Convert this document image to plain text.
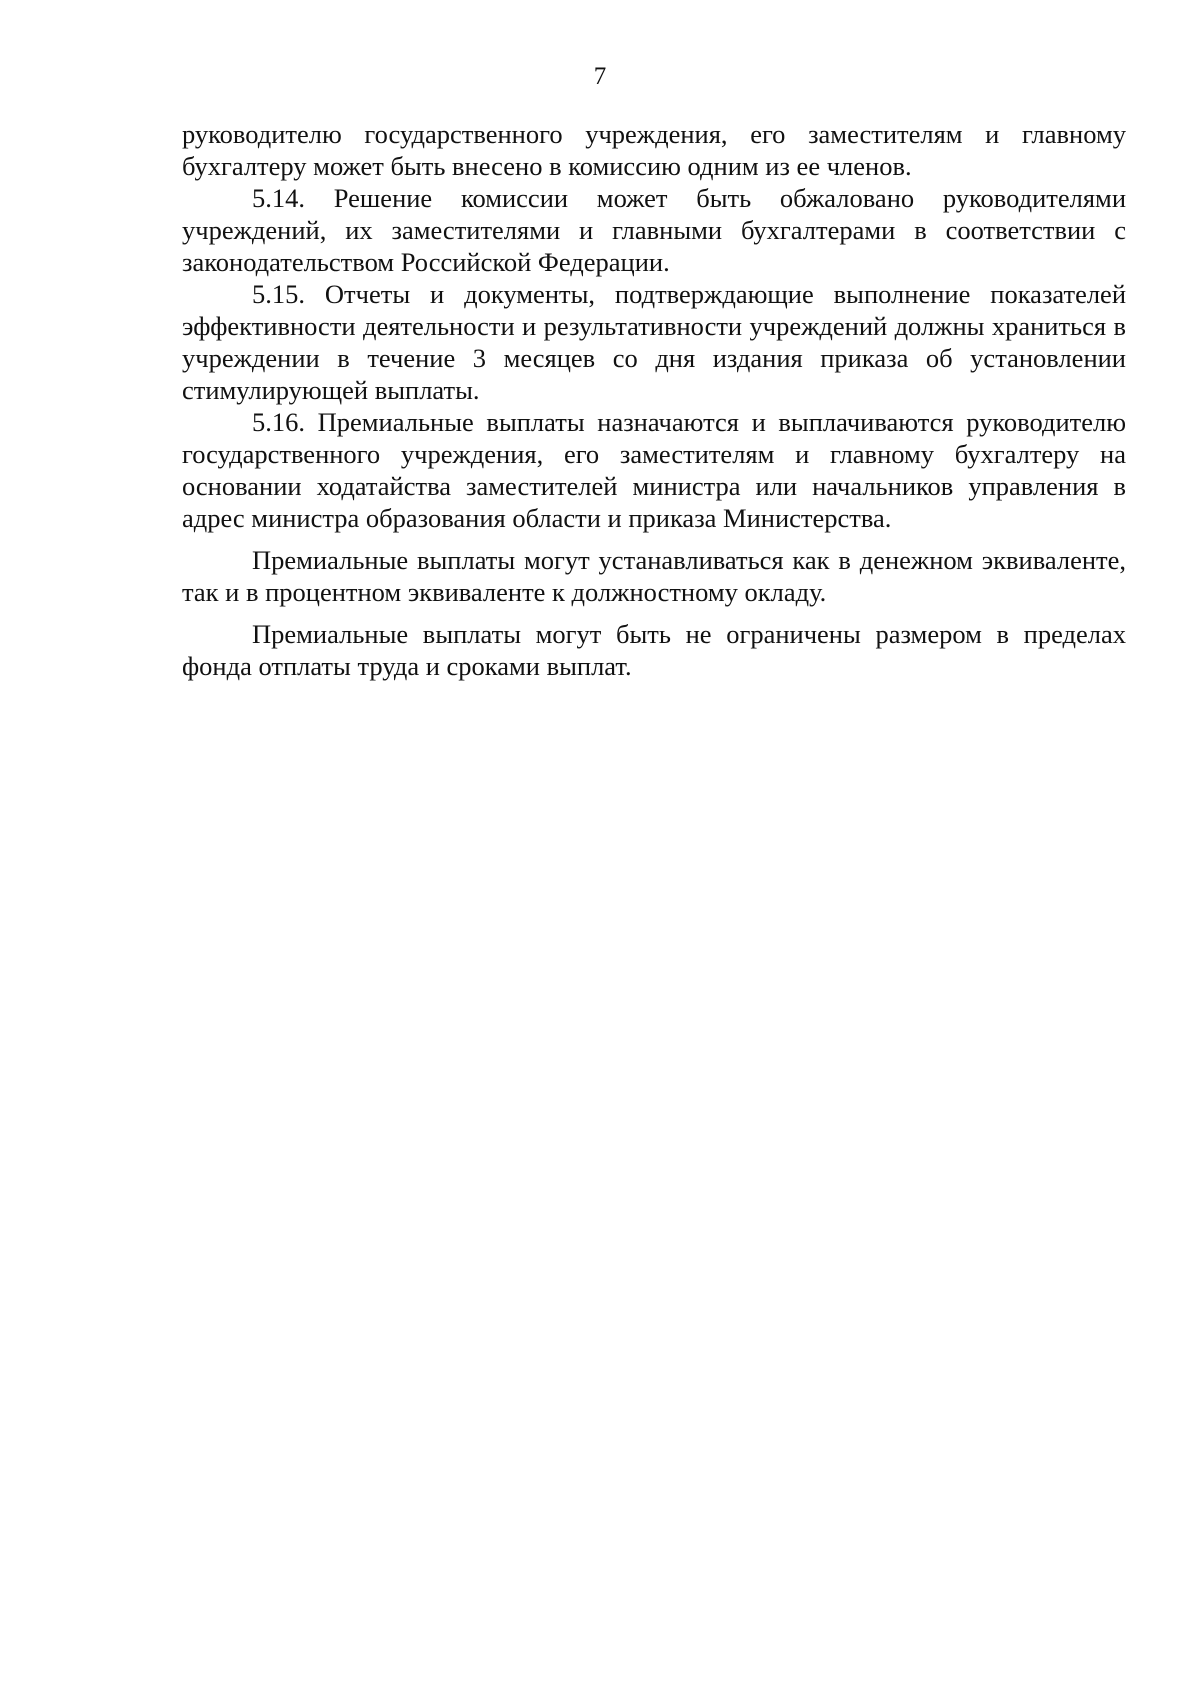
7

руководителю государственного учреждения, его заместителям и главному бухгалтеру может быть внесено в комиссию одним из ее членов.

5.14. Решение комиссии может быть обжаловано руководителями учреждений, их заместителями и главными бухгалтерами в соответствии с законодательством Российской Федерации.

5.15. Отчеты и документы, подтверждающие выполнение показателей эффективности деятельности и результативности учреждений должны храниться в учреждении в течение 3 месяцев со дня издания приказа об установлении стимулирующей выплаты.

5.16. Премиальные выплаты назначаются и выплачиваются руководителю государственного учреждения, его заместителям и главному бухгалтеру на основании ходатайства заместителей министра или начальников управления в адрес министра образования области и приказа Министерства.

Премиальные выплаты могут устанавливаться как в денежном эквиваленте, так и в процентном эквиваленте к должностному окладу.

Премиальные выплаты могут быть не ограничены размером в пределах фонда отплаты труда и сроками выплат.
